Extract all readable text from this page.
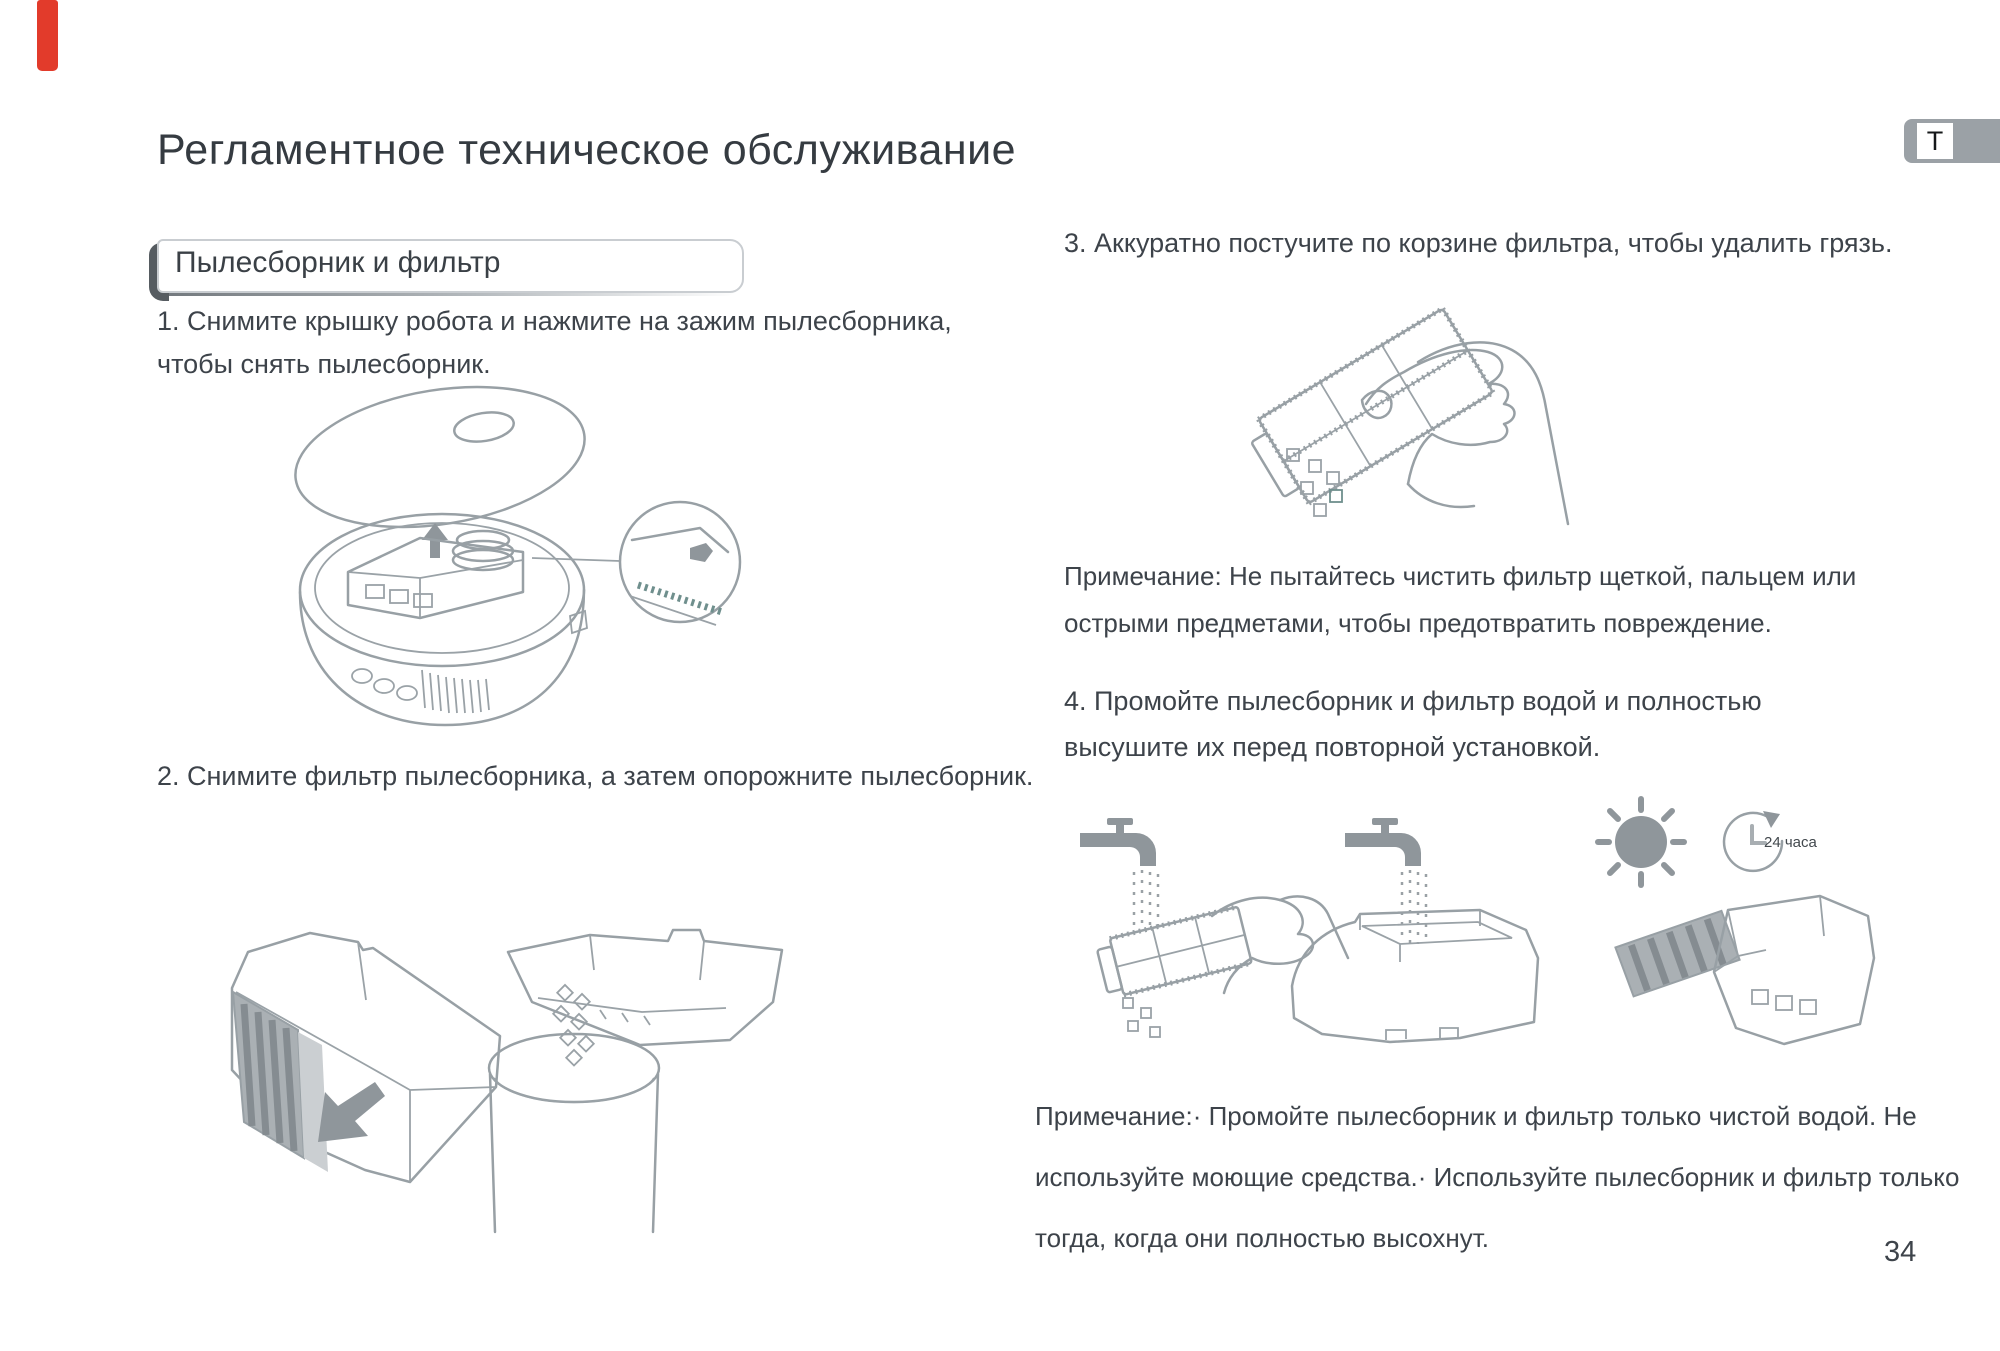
Регламентное техническое обслуживание	T
Пылесборник и фильтр
1. Снимите крышку робота и нажмите на зажим пылесборника,
чтобы снять пылесборник.
2. Снимите фильтр пылесборника, а затем опорожните пылесборник.
3. Аккуратно постучите по корзине фильтра, чтобы удалить грязь.
Примечание: Не пытайтесь чистить фильтр щеткой, пальцем или
острыми предметами, чтобы предотвратить повреждение.
4. Промойте пылесборник и фильтр водой и полностью
высушите их перед повторной установкой.
24 часа
Примечание:· Промойте пылесборник и фильтр только чистой водой. Не
используйте моющие средства.· Используйте пылесборник и фильтр только
тогда, когда они полностью высохнут.	34
